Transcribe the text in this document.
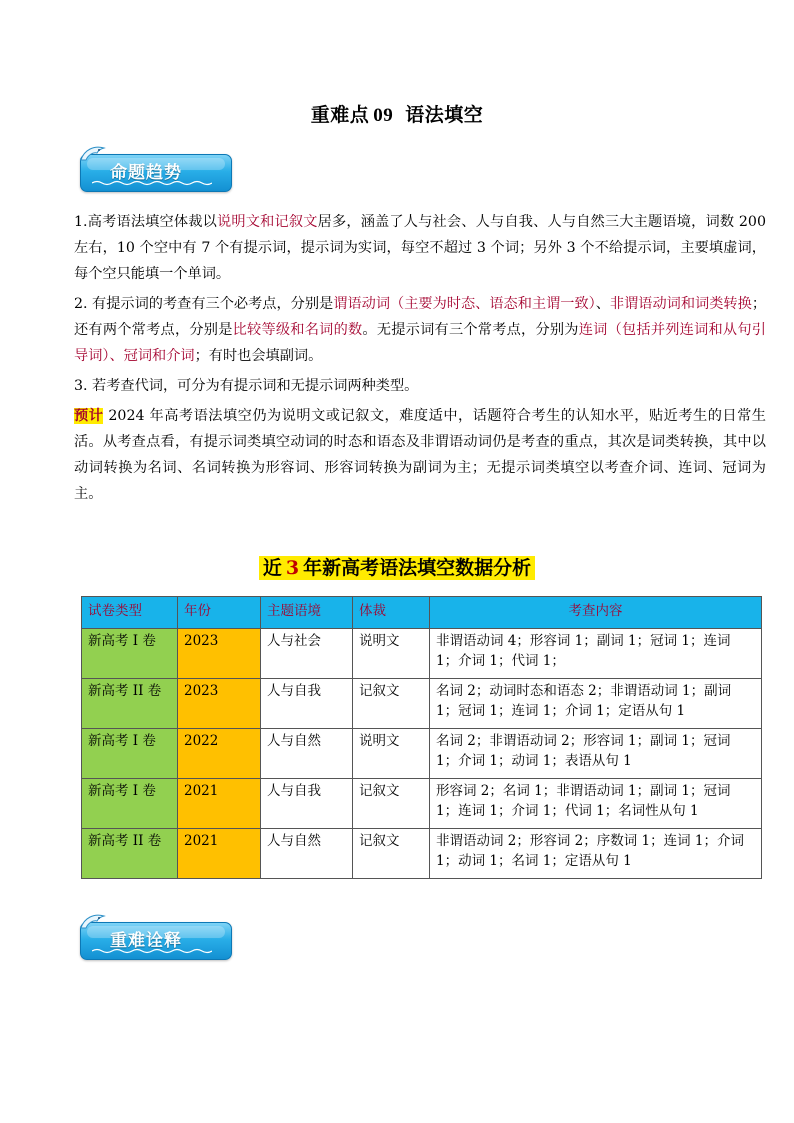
重难点 09 语法填空
命题趋势

1.高考语法填空体裁以说明文和记叙文居多，涵盖了人与社会、人与自我、人与自然三大主题语境，词数 200 左右，10 个空中有 7 个有提示词，提示词为实词，每空不超过 3 个词；另外 3 个不给提示词，主要填虚词，每个空只能填一个单词。

2. 有提示词的考查有三个必考点，分别是谓语动词（主要为时态、语态和主谓一致）、非谓语动词和词类转换；还有两个常考点，分别是比较等级和名词的数。无提示词有三个常考点，分别为连词（包括并列连词和从句引导词）、冠词和介词；有时也会填副词。

3. 若考查代词，可分为有提示词和无提示词两种类型。

预计 2024 年高考语法填空仍为说明文或记叙文，难度适中，话题符合考生的认知水平，贴近考生的日常生活。从考查点看，有提示词类填空动词的时态和语态及非谓语动词仍是考查的重点，其次是词类转换，其中以动词转换为名词、名词转换为形容词、形容词转换为副词为主；无提示词类填空以考查介词、连词、冠词为主。

近 3 年新高考语法填空数据分析
试卷类型	年份	主题语境	体裁	考查内容
新高考 I 卷	2023	人与社会	说明文	非谓语动词 4；形容词 1；副词 1；冠词 1；连词 1；介词 1；代词 1；
新高考 II 卷	2023	人与自我	记叙文	名词 2；动词时态和语态 2；非谓语动词 1；副词 1；冠词 1；连词 1；介词 1；定语从句 1
新高考 I 卷	2022	人与自然	说明文	名词 2；非谓语动词 2；形容词 1；副词 1；冠词 1；介词 1；动词 1；表语从句 1
新高考 I 卷	2021	人与自我	记叙文	形容词 2；名词 1；非谓语动词 1；副词 1；冠词 1；连词 1；介词 1；代词 1；名词性从句 1
新高考 II 卷	2021	人与自然	记叙文	非谓语动词 2；形容词 2；序数词 1；连词 1；介词 1；动词 1；名词 1；定语从句 1
重难诠释
